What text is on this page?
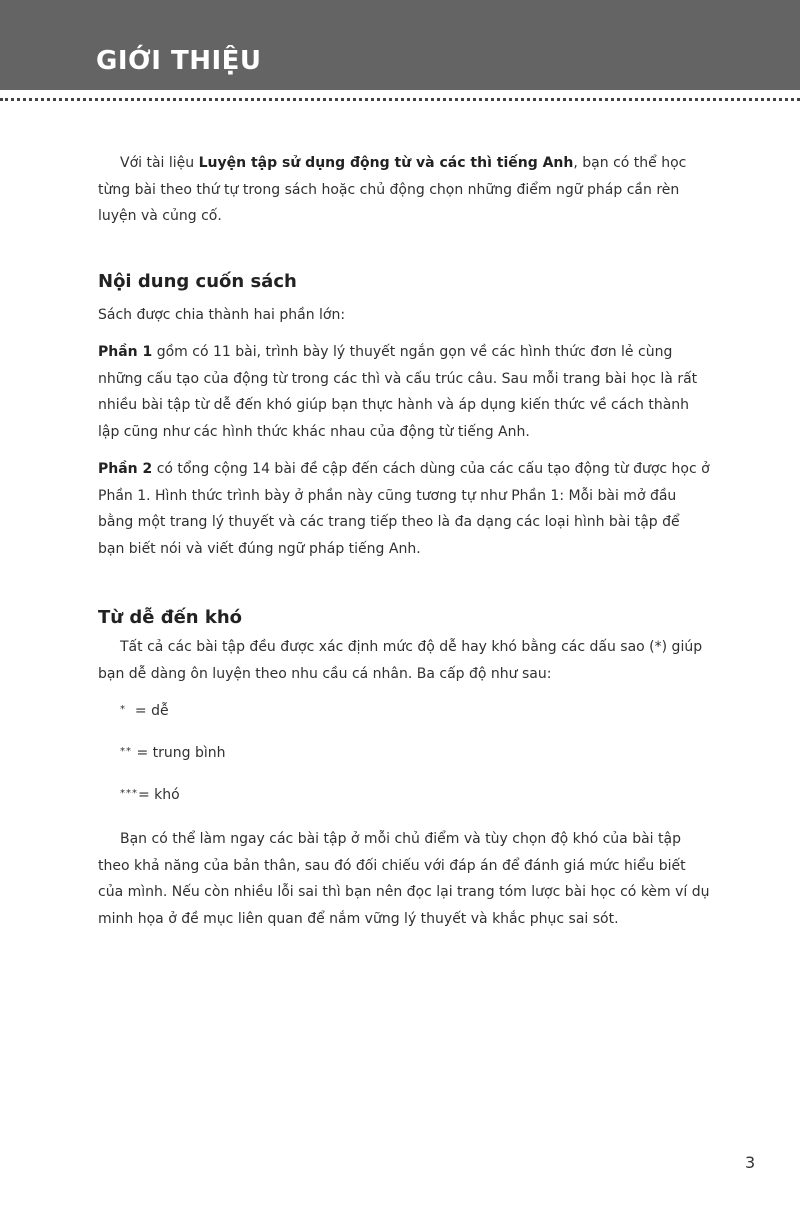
GIỚI THIỆU

Với tài liệu Luyện tập sử dụng động từ và các thì tiếng Anh, bạn có thể học từng bài theo thứ tự trong sách hoặc chủ động chọn những điểm ngữ pháp cần rèn luyện và củng cố.

Nội dung cuốn sách

Sách được chia thành hai phần lớn:

Phần 1 gồm có 11 bài, trình bày lý thuyết ngắn gọn về các hình thức đơn lẻ cùng những cấu tạo của động từ trong các thì và cấu trúc câu. Sau mỗi trang bài học là rất nhiều bài tập từ dễ đến khó giúp bạn thực hành và áp dụng kiến thức về cách thành lập cũng như các hình thức khác nhau của động từ tiếng Anh.

Phần 2 có tổng cộng 14 bài đề cập đến cách dùng của các cấu tạo động từ được học ở Phần 1. Hình thức trình bày ở phần này cũng tương tự như Phần 1: Mỗi bài mở đầu bằng một trang lý thuyết và các trang tiếp theo là đa dạng các loại hình bài tập để bạn biết nói và viết đúng ngữ pháp tiếng Anh.

Từ dễ đến khó

Tất cả các bài tập đều được xác định mức độ dễ hay khó bằng các dấu sao (*) giúp bạn dễ dàng ôn luyện theo nhu cầu cá nhân. Ba cấp độ như sau:

*  = dễ
** = trung bình
***= khó

Bạn có thể làm ngay các bài tập ở mỗi chủ điểm và tùy chọn độ khó của bài tập theo khả năng của bản thân, sau đó đối chiếu với đáp án để đánh giá mức hiểu biết của mình. Nếu còn nhiều lỗi sai thì bạn nên đọc lại trang tóm lược bài học có kèm ví dụ minh họa ở đề mục liên quan để nắm vững lý thuyết và khắc phục sai sót.

3
